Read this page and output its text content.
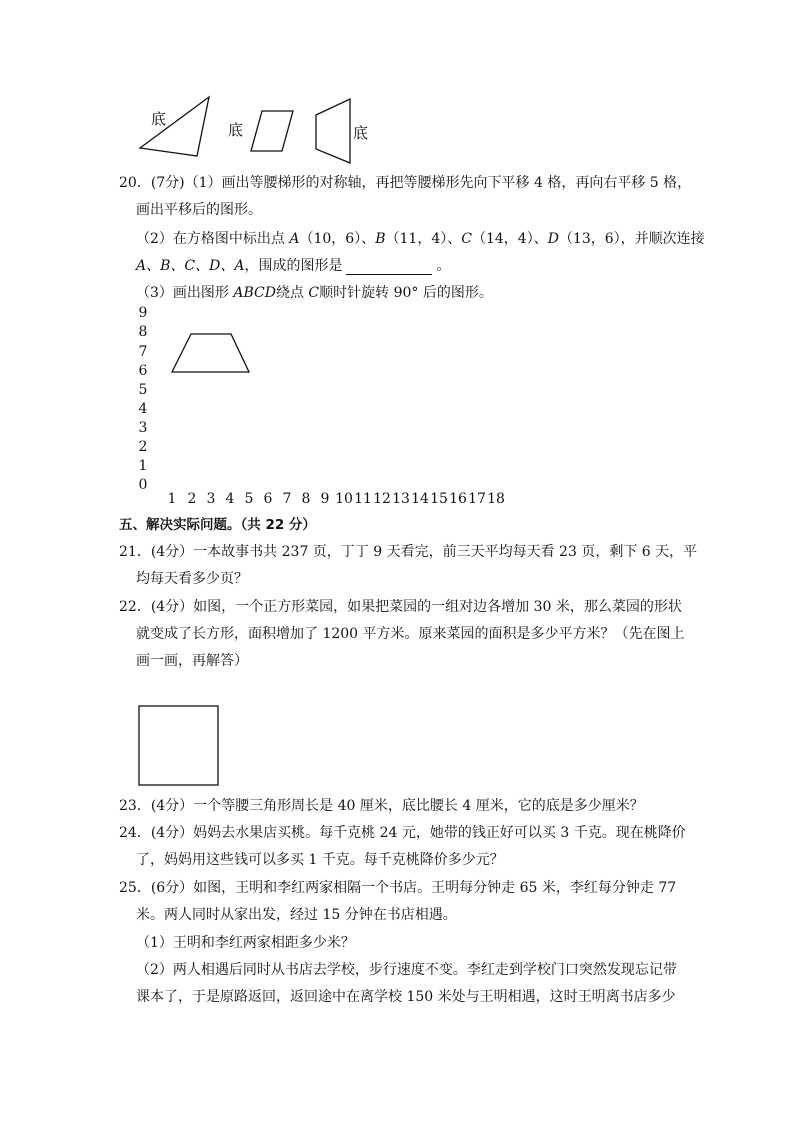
底
底	底
20．(7分)（1）画出等腰梯形的对称轴，再把等腰梯形先向下平移 4 格，再向右平移 5 格，
画出平移后的图形。
（2）在方格图中标出点 A（10，6）、B（11，4）、C（14，4）、D（13，6），并顺次连接
A、B、C、D、A，围成的图形是	。
（3）画出图形 ABCD绕点 C顺时针旋转 90° 后的图形。
9
8
7
6
5
4
3
2
1
0
1 2 3 4 5 6 7 8 9 10 11 12 13 14 15 16 17 18
五、解决实际问题。（共 22 分）
21．(4分）一本故事书共 237 页，丁丁 9 天看完，前三天平均每天看 23 页，剩下 6 天，平
均每天看多少页？
22．(4分）如图，一个正方形菜园，如果把菜园的一组对边各增加 30 米，那么菜园的形状
就变成了长方形，面积增加了 1200 平方米。原来菜园的面积是多少平方米？（先在图上
画一画，再解答）
23．(4分）一个等腰三角形周长是 40 厘米，底比腰长 4 厘米，它的底是多少厘米？
24．(4分）妈妈去水果店买桃。每千克桃 24 元，她带的钱正好可以买 3 千克。现在桃降价
了，妈妈用这些钱可以多买 1 千克。每千克桃降价多少元？
25．(6分）如图，王明和李红两家相隔一个书店。王明每分钟走 65 米，李红每分钟走 77
米。两人同时从家出发，经过 15 分钟在书店相遇。
（1）王明和李红两家相距多少米？
（2）两人相遇后同时从书店去学校，步行速度不变。李红走到学校门口突然发现忘记带
课本了，于是原路返回，返回途中在离学校 150 米处与王明相遇，这时王明离书店多少
